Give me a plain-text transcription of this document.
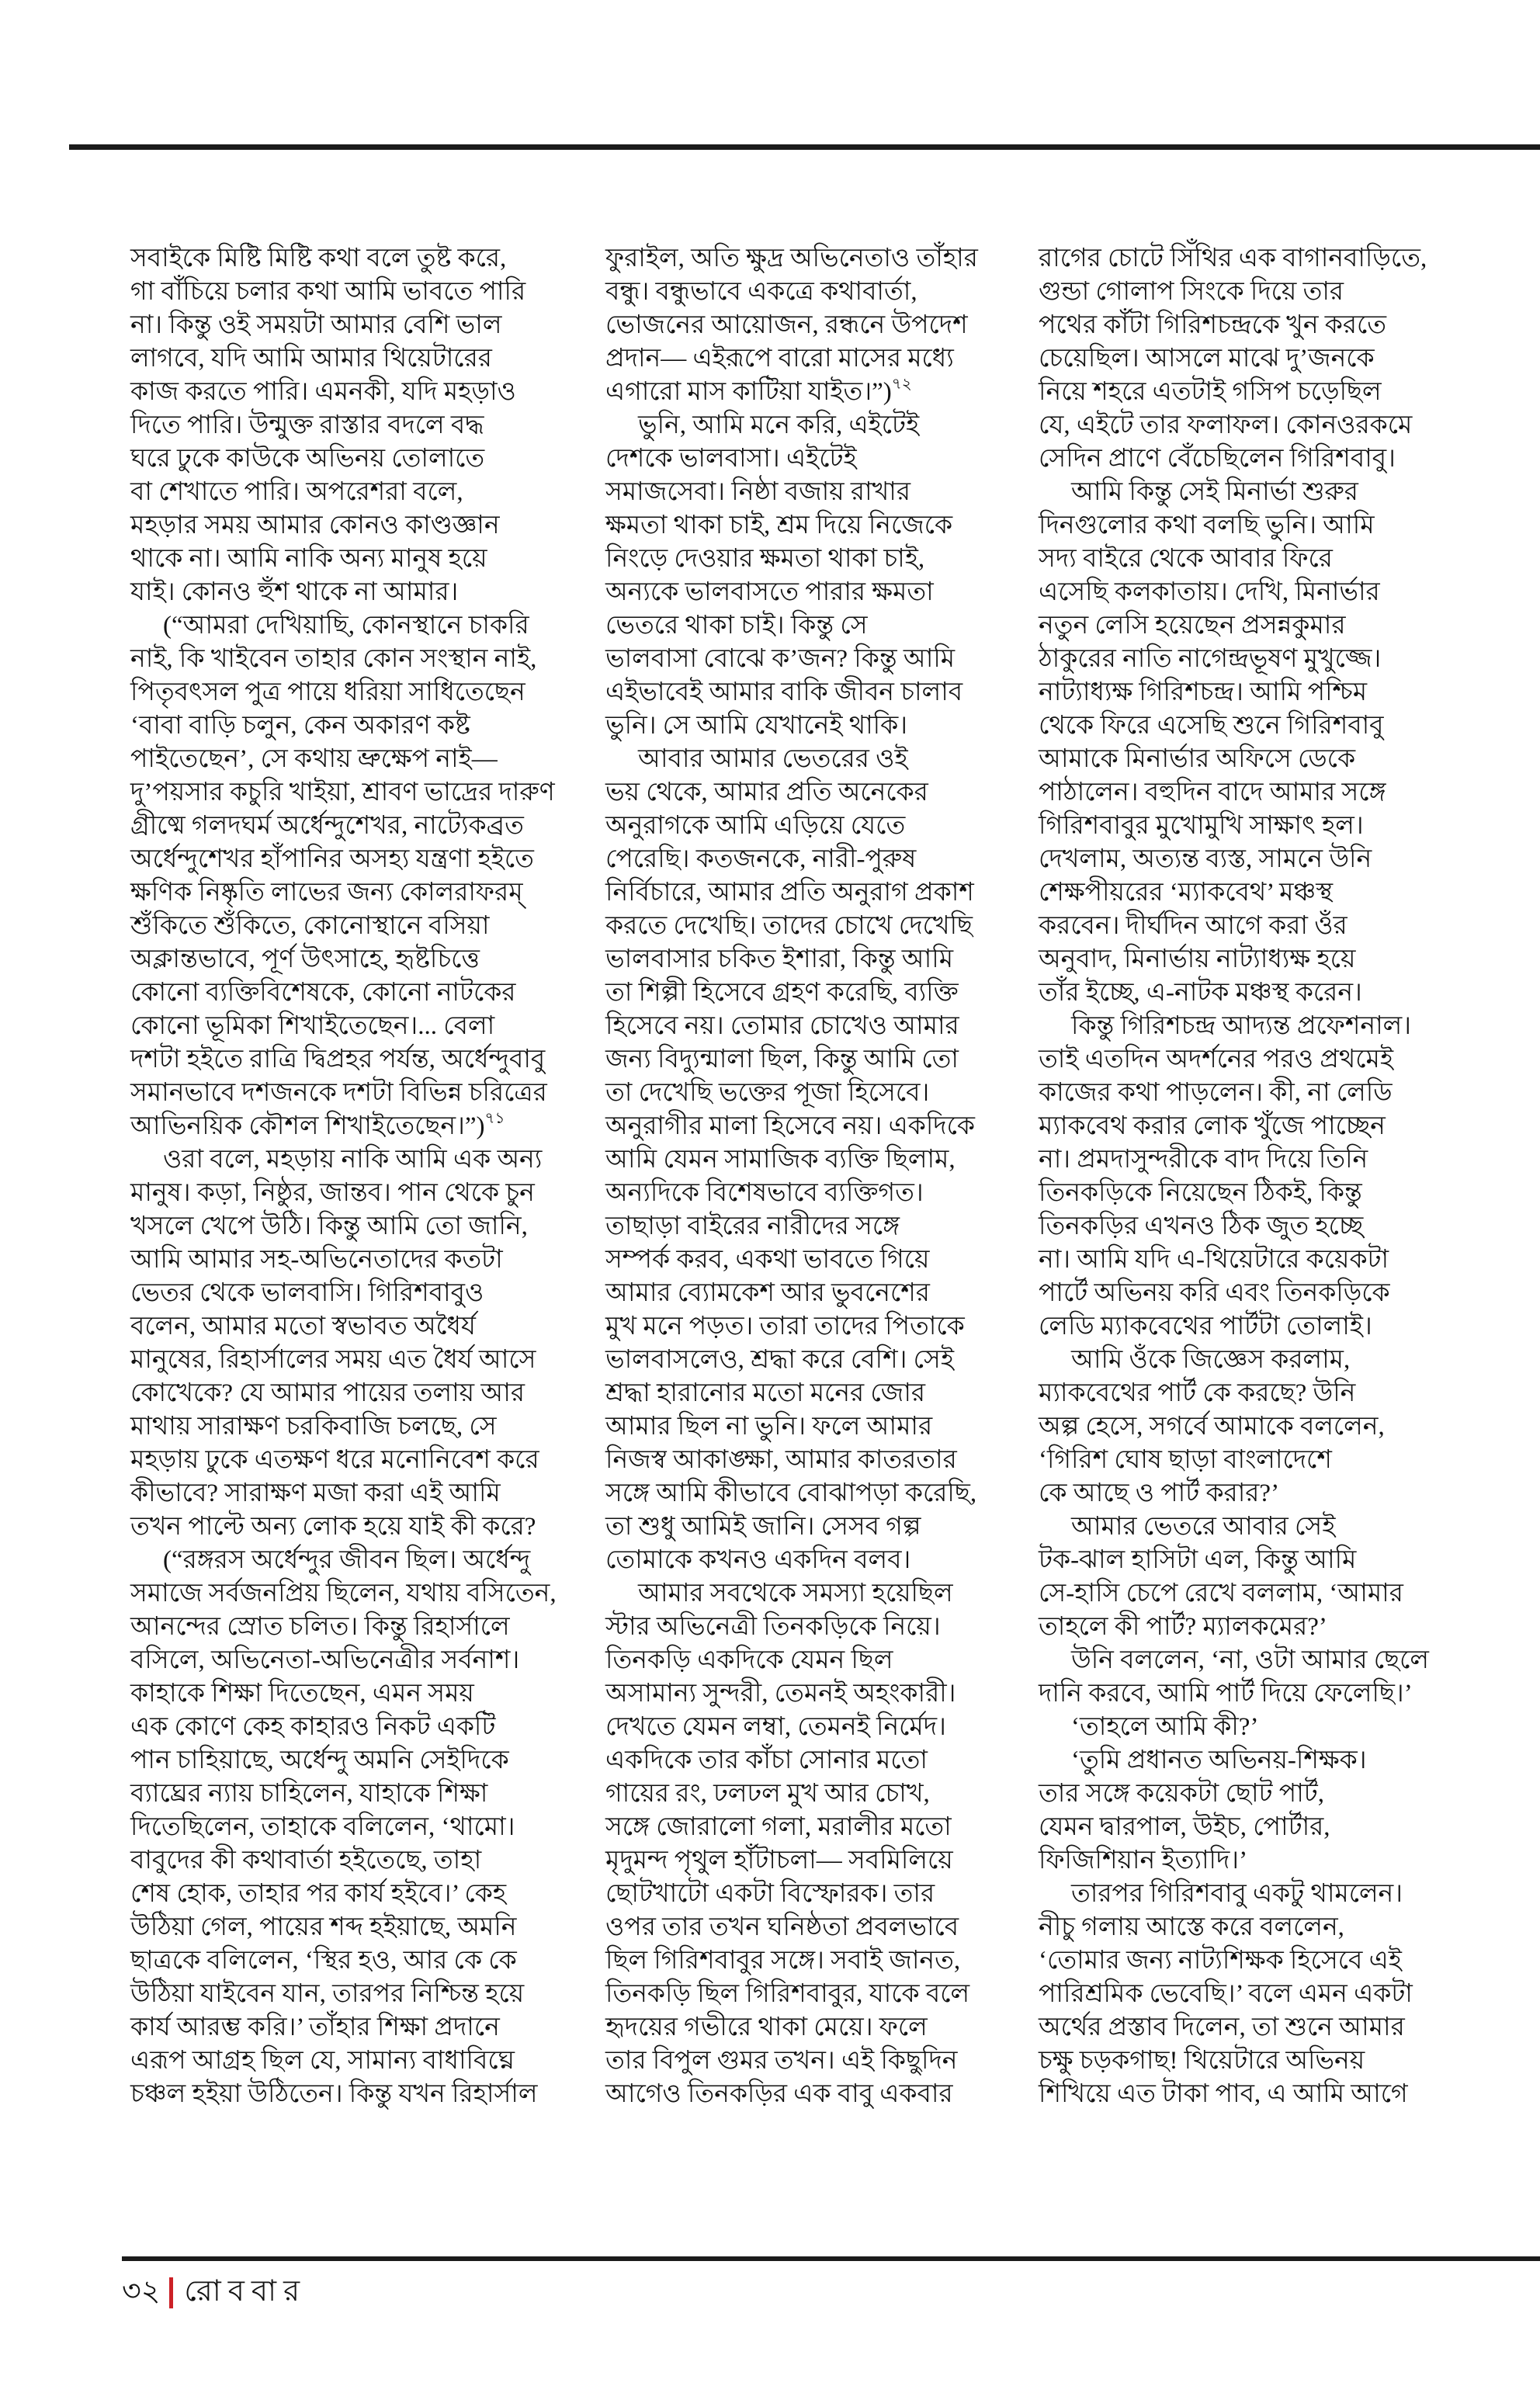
সবাইকে মিষ্টি মিষ্টি কথা বলে তুষ্ট করে,
গা বাঁচিয়ে চলার কথা আমি ভাবতে পারি
না। কিন্তু ওই সময়টা আমার বেশি ভাল
লাগবে, যদি আমি আমার থিয়েটারের
কাজ করতে পারি। এমনকী, যদি মহড়াও
দিতে পারি। উন্মুক্ত রাস্তার বদলে বদ্ধ
ঘরে ঢুকে কাউকে অভিনয় তোলাতে
বা শেখাতে পারি। অপরেশরা বলে,
মহড়ার সময় আমার কোনও কাণ্ডজ্ঞান
থাকে না। আমি নাকি অন্য মানুষ হয়ে
যাই। কোনও হুঁশ থাকে না আমার।
(“আমরা দেখিয়াছি, কোনস্থানে চাকরি
নাই, কি খাইবেন তাহার কোন সংস্থান নাই,
পিতৃবৎসল পুত্র পায়ে ধরিয়া সাধিতেছেন
‘বাবা বাড়ি চলুন, কেন অকারণ কষ্ট
পাইতেছেন’, সে কথায় ভ্রুক্ষেপ নাই—
দু’পয়সার কচুরি খাইয়া, শ্রাবণ ভাদ্রের দারুণ
গ্রীষ্মে গলদঘর্ম অর্ধেন্দুশেখর, নাট্যেকব্রত
অর্ধেন্দুশেখর হাঁপানির অসহ্য যন্ত্রণা হইতে
ক্ষণিক নিষ্কৃতি লাভের জন্য কোলরাফরম্
শুঁকিতে শুঁকিতে, কোনোস্থানে বসিয়া
অক্লান্তভাবে, পূর্ণ উৎসাহে, হৃষ্টচিত্তে
কোনো ব্যক্তিবিশেষকে, কোনো নাটকের
কোনো ভূমিকা শিখাইতেছেন।... বেলা
দশটা হইতে রাত্রি দ্বিপ্রহর পর্যন্ত, অর্ধেন্দুবাবু
সমানভাবে দশজনকে দশটা বিভিন্ন চরিত্রের
আভিনয়িক কৌশল শিখাইতেছেন।”)$^{৭১}$
ওরা বলে, মহড়ায় নাকি আমি এক অন্য
মানুষ। কড়া, নিষ্ঠুর, জান্তব। পান থেকে চুন
খসলে খেপে উঠি। কিন্তু আমি তো জানি,
আমি আমার সহ-অভিনেতাদের কতটা
ভেতর থেকে ভালবাসি। গিরিশবাবুও
বলেন, আমার মতো স্বভাবত অধৈর্য
মানুষের, রিহার্সালের সময় এত ধৈর্য আসে
কোখেকে? যে আমার পায়ের তলায় আর
মাথায় সারাক্ষণ চরকিবাজি চলছে, সে
মহড়ায় ঢুকে এতক্ষণ ধরে মনোনিবেশ করে
কীভাবে? সারাক্ষণ মজা করা এই আমি
তখন পাল্টে অন্য লোক হয়ে যাই কী করে?
(“রঙ্গরস অর্ধেন্দুর জীবন ছিল। অর্ধেন্দু
সমাজে সর্বজনপ্রিয় ছিলেন, যথায় বসিতেন,
আনন্দের স্রোত চলিত। কিন্তু রিহার্সালে
বসিলে, অভিনেতা-অভিনেত্রীর সর্বনাশ।
কাহাকে শিক্ষা দিতেছেন, এমন সময়
এক কোণে কেহ কাহারও নিকট একটি
পান চাহিয়াছে, অর্ধেন্দু অমনি সেইদিকে
ব্যাঘ্রের ন্যায় চাহিলেন, যাহাকে শিক্ষা
দিতেছিলেন, তাহাকে বলিলেন, ‘থামো।
বাবুদের কী কথাবার্তা হইতেছে, তাহা
শেষ হোক, তাহার পর কার্য হইবে।’ কেহ
উঠিয়া গেল, পায়ের শব্দ হইয়াছে, অমনি
ছাত্রকে বলিলেন, ‘স্থির হও, আর কে কে
উঠিয়া যাইবেন যান, তারপর নিশ্চিন্ত হয়ে
কার্য আরম্ভ করি।’ তাঁহার শিক্ষা প্রদানে
এরূপ আগ্রহ ছিল যে, সামান্য বাধাবিঘ্নে
চঞ্চল হইয়া উঠিতেন। কিন্তু যখন রিহার্সাল
ফুরাইল, অতি ক্ষুদ্র অভিনেতাও তাঁহার
বন্ধু। বন্ধুভাবে একত্রে কথাবার্তা,
ভোজনের আয়োজন, রন্ধনে উপদেশ
প্রদান— এইরূপে বারো মাসের মধ্যে
এগারো মাস কাটিয়া যাইত।”)$^{৭২}$
ভুনি, আমি মনে করি, এইটেই
দেশকে ভালবাসা। এইটেই
সমাজসেবা। নিষ্ঠা বজায় রাখার
ক্ষমতা থাকা চাই, শ্রম দিয়ে নিজেকে
নিংড়ে দেওয়ার ক্ষমতা থাকা চাই,
অন্যকে ভালবাসতে পারার ক্ষমতা
ভেতরে থাকা চাই। কিন্তু সে
ভালবাসা বোঝে ক’জন? কিন্তু আমি
এইভাবেই আমার বাকি জীবন চালাব
ভুনি। সে আমি যেখানেই থাকি।
আবার আমার ভেতরের ওই
ভয় থেকে, আমার প্রতি অনেকের
অনুরাগকে আমি এড়িয়ে যেতে
পেরেছি। কতজনকে, নারী-পুরুষ
নির্বিচারে, আমার প্রতি অনুরাগ প্রকাশ
করতে দেখেছি। তাদের চোখে দেখেছি
ভালবাসার চকিত ইশারা, কিন্তু আমি
তা শিল্পী হিসেবে গ্রহণ করেছি, ব্যক্তি
হিসেবে নয়। তোমার চোখেও আমার
জন্য বিদ্যুন্মালা ছিল, কিন্তু আমি তো
তা দেখেছি ভক্তের পূজা হিসেবে।
অনুরাগীর মালা হিসেবে নয়। একদিকে
আমি যেমন সামাজিক ব্যক্তি ছিলাম,
অন্যদিকে বিশেষভাবে ব্যক্তিগত।
তাছাড়া বাইরের নারীদের সঙ্গে
সম্পর্ক করব, একথা ভাবতে গিয়ে
আমার ব্যোমকেশ আর ভুবনেশের
মুখ মনে পড়ত। তারা তাদের পিতাকে
ভালবাসলেও, শ্রদ্ধা করে বেশি। সেই
শ্রদ্ধা হারানোর মতো মনের জোর
আমার ছিল না ভুনি। ফলে আমার
নিজস্ব আকাঙ্ক্ষা, আমার কাতরতার
সঙ্গে আমি কীভাবে বোঝাপড়া করেছি,
তা শুধু আমিই জানি। সেসব গল্প
তোমাকে কখনও একদিন বলব।
আমার সবথেকে সমস্যা হয়েছিল
স্টার অভিনেত্রী তিনকড়িকে নিয়ে।
তিনকড়ি একদিকে যেমন ছিল
অসামান্য সুন্দরী, তেমনই অহংকারী।
দেখতে যেমন লম্বা, তেমনই নির্মেদ।
একদিকে তার কাঁচা সোনার মতো
গায়ের রং, ঢলঢল মুখ আর চোখ,
সঙ্গে জোরালো গলা, মরালীর মতো
মৃদুমন্দ পৃথুল হাঁটাচলা— সবমিলিয়ে
ছোটখাটো একটা বিস্ফোরক। তার
ওপর তার তখন ঘনিষ্ঠতা প্রবলভাবে
ছিল গিরিশবাবুর সঙ্গে। সবাই জানত,
তিনকড়ি ছিল গিরিশবাবুর, যাকে বলে
হৃদয়ের গভীরে থাকা মেয়ে। ফলে
তার বিপুল গুমর তখন। এই কিছুদিন
আগেও তিনকড়ির এক বাবু একবার
রাগের চোটে সিঁথির এক বাগানবাড়িতে,
গুন্ডা গোলাপ সিংকে দিয়ে তার
পথের কাঁটা গিরিশচন্দ্রকে খুন করতে
চেয়েছিল। আসলে মাঝে দু’জনকে
নিয়ে শহরে এতটাই গসিপ চড়েছিল
যে, এইটে তার ফলাফল। কোনওরকমে
সেদিন প্রাণে বেঁচেছিলেন গিরিশবাবু।
আমি কিন্তু সেই মিনার্ভা শুরুর
দিনগুলোর কথা বলছি ভুনি। আমি
সদ্য বাইরে থেকে আবার ফিরে
এসেছি কলকাতায়। দেখি, মিনার্ভার
নতুন লেসি হয়েছেন প্রসন্নকুমার
ঠাকুরের নাতি নাগেন্দ্রভূষণ মুখুজ্জে।
নাট্যাধ্যক্ষ গিরিশচন্দ্র। আমি পশ্চিম
থেকে ফিরে এসেছি শুনে গিরিশবাবু
আমাকে মিনার্ভার অফিসে ডেকে
পাঠালেন। বহুদিন বাদে আমার সঙ্গে
গিরিশবাবুর মুখোমুখি সাক্ষাৎ হল।
দেখলাম, অত্যন্ত ব্যস্ত, সামনে উনি
শেক্ষপীয়রের ‘ম্যাকবেথ’ মঞ্চস্থ
করবেন। দীর্ঘদিন আগে করা ওঁর
অনুবাদ, মিনার্ভায় নাট্যাধ্যক্ষ হয়ে
তাঁর ইচ্ছে, এ-নাটক মঞ্চস্থ করেন।
কিন্তু গিরিশচন্দ্র আদ্যন্ত প্রফেশনাল।
তাই এতদিন অদর্শনের পরও প্রথমেই
কাজের কথা পাড়লেন। কী, না লেডি
ম্যাকবেথ করার লোক খুঁজে পাচ্ছেন
না। প্রমদাসুন্দরীকে বাদ দিয়ে তিনি
তিনকড়িকে নিয়েছেন ঠিকই, কিন্তু
তিনকড়ির এখনও ঠিক জুত হচ্ছে
না। আমি যদি এ-থিয়েটারে কয়েকটা
পার্টে অভিনয় করি এবং তিনকড়িকে
লেডি ম্যাকবেথের পার্টটা তোলাই।
আমি ওঁকে জিজ্ঞেস করলাম,
ম্যাকবেথের পার্ট কে করছে? উনি
অল্প হেসে, সগর্বে আমাকে বললেন,
‘গিরিশ ঘোষ ছাড়া বাংলাদেশে
কে আছে ও পার্ট করার?’
আমার ভেতরে আবার সেই
টক-ঝাল হাসিটা এল, কিন্তু আমি
সে-হাসি চেপে রেখে বললাম, ‘আমার
তাহলে কী পার্ট? ম্যালকমের?’
উনি বললেন, ‘না, ওটা আমার ছেলে
দানি করবে, আমি পার্ট দিয়ে ফেলেছি।’
‘তাহলে আমি কী?’
‘তুমি প্রধানত অভিনয়-শিক্ষক।
তার সঙ্গে কয়েকটা ছোট পার্ট,
যেমন দ্বারপাল, উইচ, পোর্টার,
ফিজিশিয়ান ইত্যাদি।’
তারপর গিরিশবাবু একটু থামলেন।
নীচু গলায় আস্তে করে বললেন,
‘তোমার জন্য নাট্যশিক্ষক হিসেবে এই
পারিশ্রমিক ভেবেছি।’ বলে এমন একটা
অর্থের প্রস্তাব দিলেন, তা শুনে আমার
চক্ষু চড়কগাছ! থিয়েটারে অভিনয়
শিখিয়ে এত টাকা পাব, এ আমি আগে
৩২ রোববার
